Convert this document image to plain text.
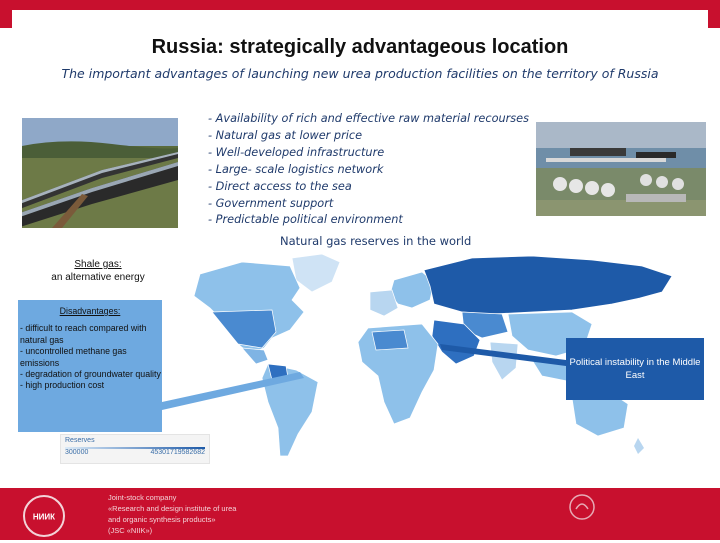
Russia: strategically advantageous location
The important advantages of launching new urea production facilities on the territory of Russia
- Availability of rich and effective raw material recourses
- Natural gas at lower price
- Well-developed infrastructure
- Large- scale logistics network
- Direct access to the sea
- Government support
- Predictable political environment
Natural gas reserves in the world
Shale gas:
an alternative energy
Disadvantages:
- difficult to reach compared with natural gas
- uncontrolled methane gas emissions
- degradation of groundwater quality
- high production cost
Reserves
300000	45301719582682
Political instability in the Middle East
НИИК
Joint-stock company
«Research and design institute of urea
and organic synthesis products»
(JSC «NIIK»)
